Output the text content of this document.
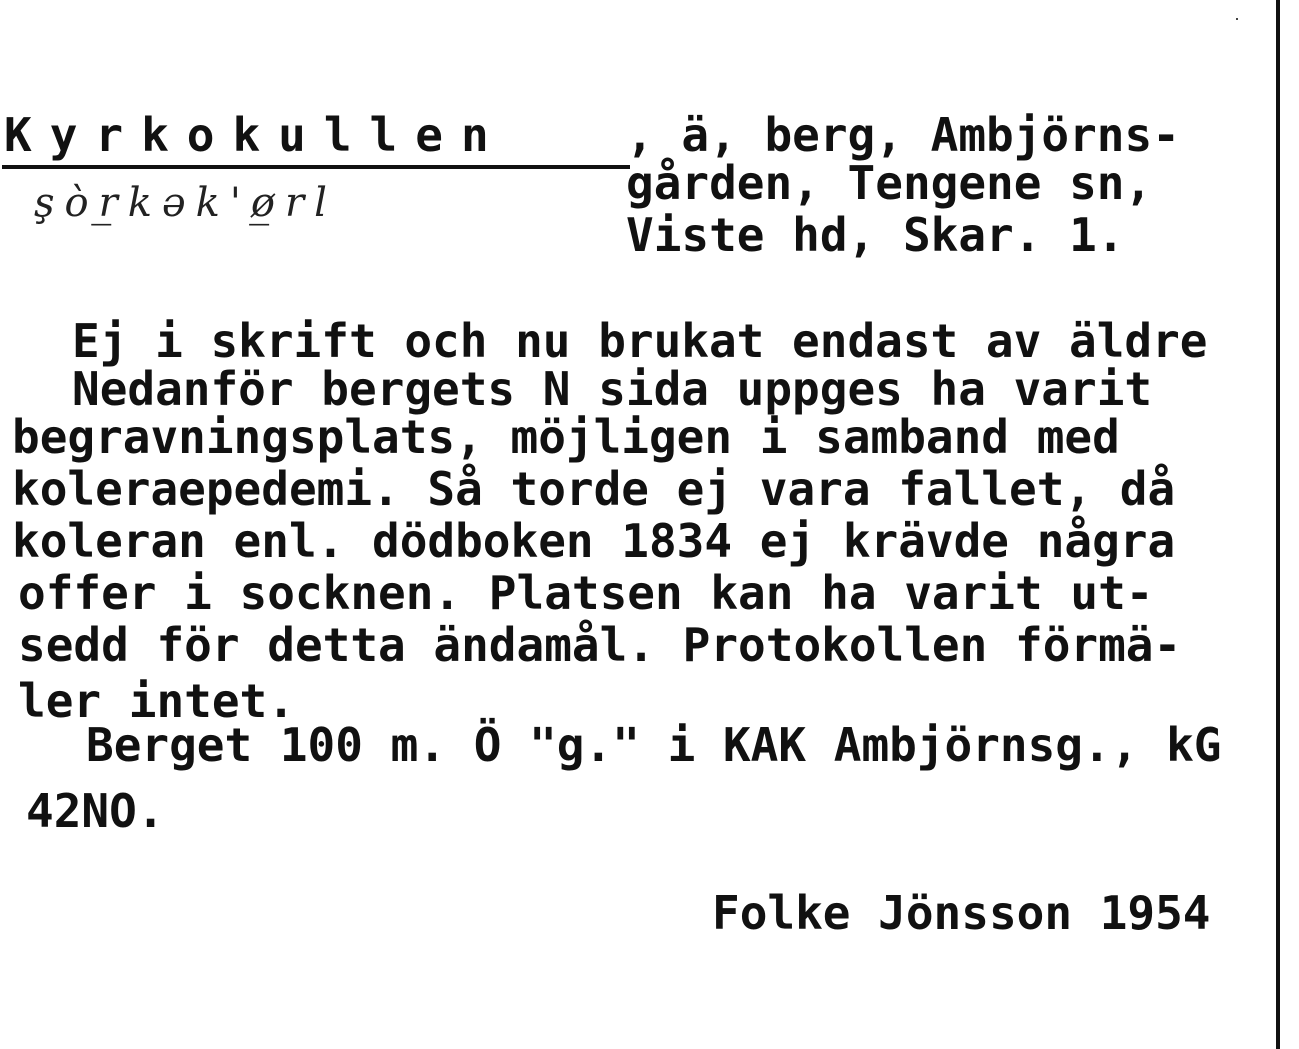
Kyrkokullen	, ä, berg, Ambjörns-
gården, Tengene sn,
Viste hd, Skar. 1.
şòr̲kək'ø̲rl
Ej i skrift och nu brukat endast av äldre
Nedanför bergets N sida uppges ha varit
begravningsplats, möjligen i samband med
koleraepedemi. Så torde ej vara fallet, då
koleran enl. dödboken 1834 ej krävde några
offer i socknen. Platsen kan ha varit ut-
sedd för detta ändamål. Protokollen förmä-
ler intet.
Berget 100 m. Ö "g." i KAK Ambjörnsg., kG
42NO.
Folke Jönsson 1954
